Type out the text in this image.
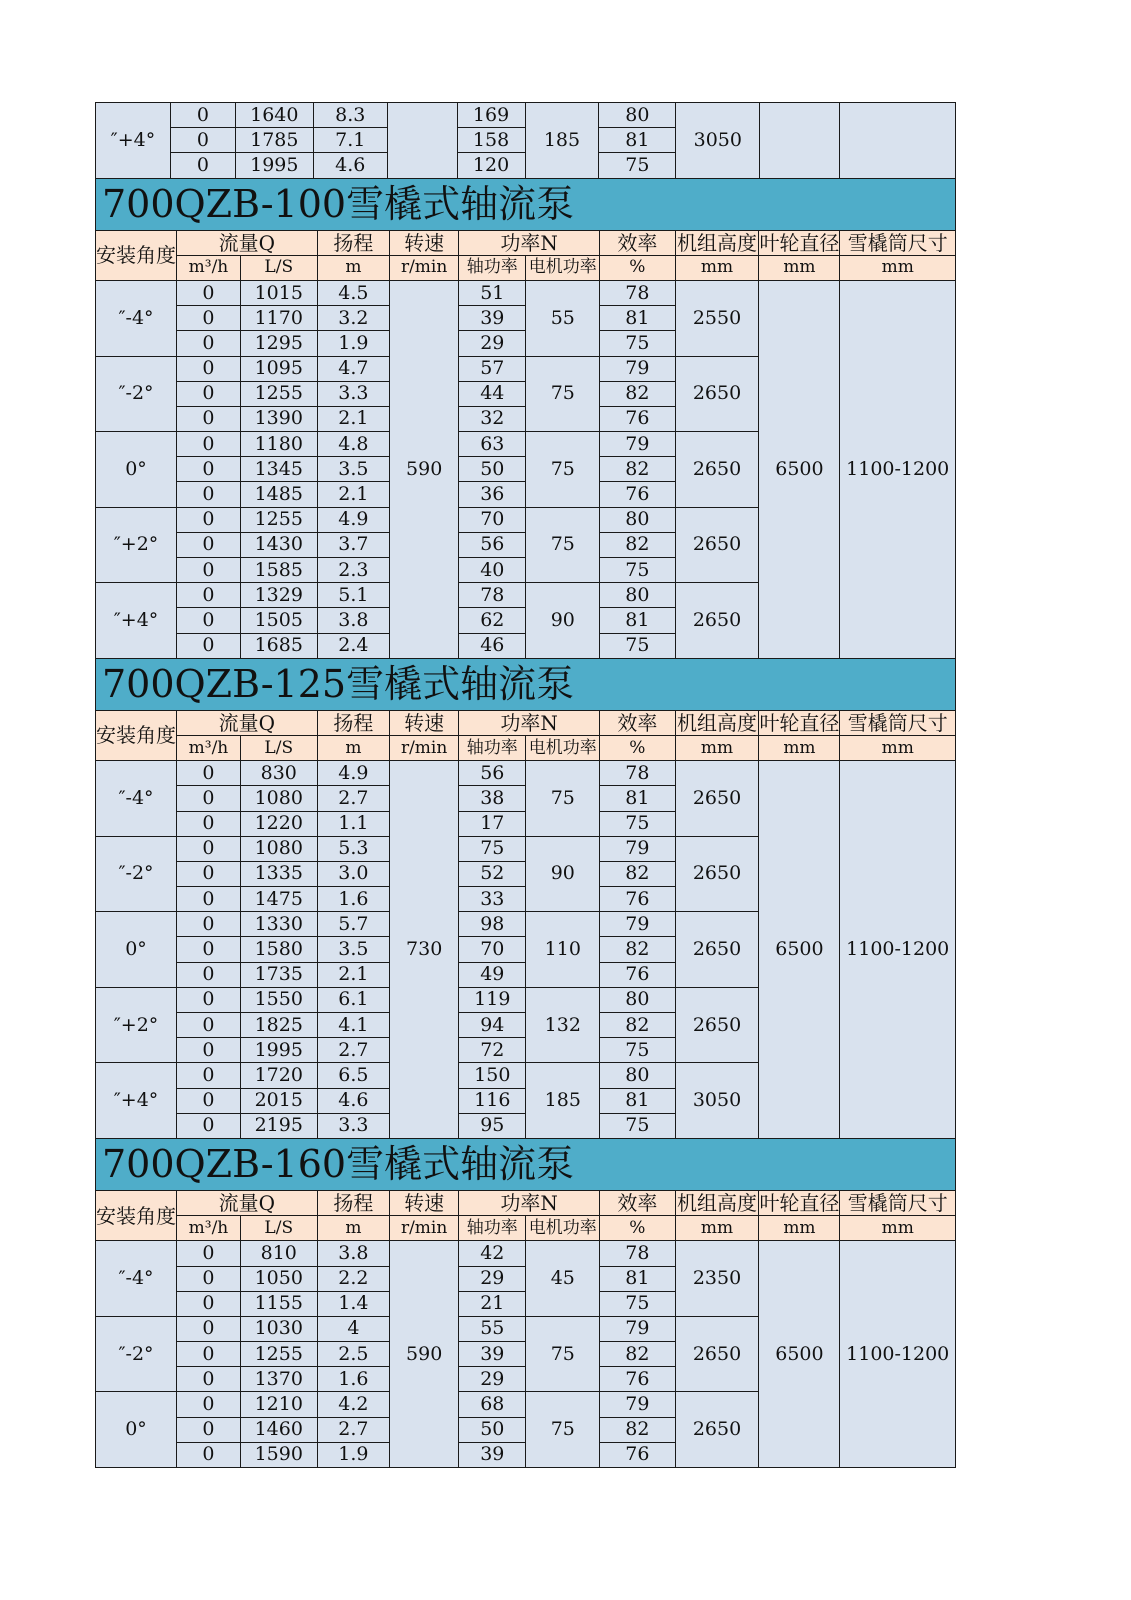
″+4°	0	1640	8.3		169	185	80	3050		
	0	1785	7.1		158		81			
	0	1995	4.6		120		75			
700QZB-100雪橇式轴流泵										
安装角度	流量Q		扬程	转速	功率N		效率	机组高度	叶轮直径	雪橇筒尺寸
	m³/h	L/S	m	r/min	轴功率	电机功率	%	mm	mm	mm
″-4°	0	1015	4.5	590	51	55	78	2550	6500	1100-1200
	0	1170	3.2		39		81			
	0	1295	1.9		29		75			
″-2°	0	1095	4.7		57	75	79	2650		
	0	1255	3.3		44		82			
	0	1390	2.1		32		76			
0°	0	1180	4.8		63	75	79	2650		
	0	1345	3.5		50		82			
	0	1485	2.1		36		76			
″+2°	0	1255	4.9		70	75	80	2650		
	0	1430	3.7		56		82			
	0	1585	2.3		40		75			
″+4°	0	1329	5.1		78	90	80	2650		
	0	1505	3.8		62		81			
	0	1685	2.4		46		75			
700QZB-125雪橇式轴流泵										
安装角度	流量Q		扬程	转速	功率N		效率	机组高度	叶轮直径	雪橇筒尺寸
	m³/h	L/S	m	r/min	轴功率	电机功率	%	mm	mm	mm
″-4°	0	830	4.9	730	56	75	78	2650	6500	1100-1200
	0	1080	2.7		38		81			
	0	1220	1.1		17		75			
″-2°	0	1080	5.3		75	90	79	2650		
	0	1335	3.0		52		82			
	0	1475	1.6		33		76			
0°	0	1330	5.7		98	110	79	2650		
	0	1580	3.5		70		82			
	0	1735	2.1		49		76			
″+2°	0	1550	6.1		119	132	80	2650		
	0	1825	4.1		94		82			
	0	1995	2.7		72		75			
″+4°	0	1720	6.5		150	185	80	3050		
	0	2015	4.6		116		81			
	0	2195	3.3		95		75			
700QZB-160雪橇式轴流泵										
安装角度	流量Q		扬程	转速	功率N		效率	机组高度	叶轮直径	雪橇筒尺寸
	m³/h	L/S	m	r/min	轴功率	电机功率	%	mm	mm	mm
″-4°	0	810	3.8	590	42	45	78	2350	6500	1100-1200
	0	1050	2.2		29		81			
	0	1155	1.4		21		75			
″-2°	0	1030	4		55	75	79	2650		
	0	1255	2.5		39		82			
	0	1370	1.6		29		76			
0°	0	1210	4.2		68	75	79	2650		
	0	1460	2.7		50		82			
	0	1590	1.9		39		76			
